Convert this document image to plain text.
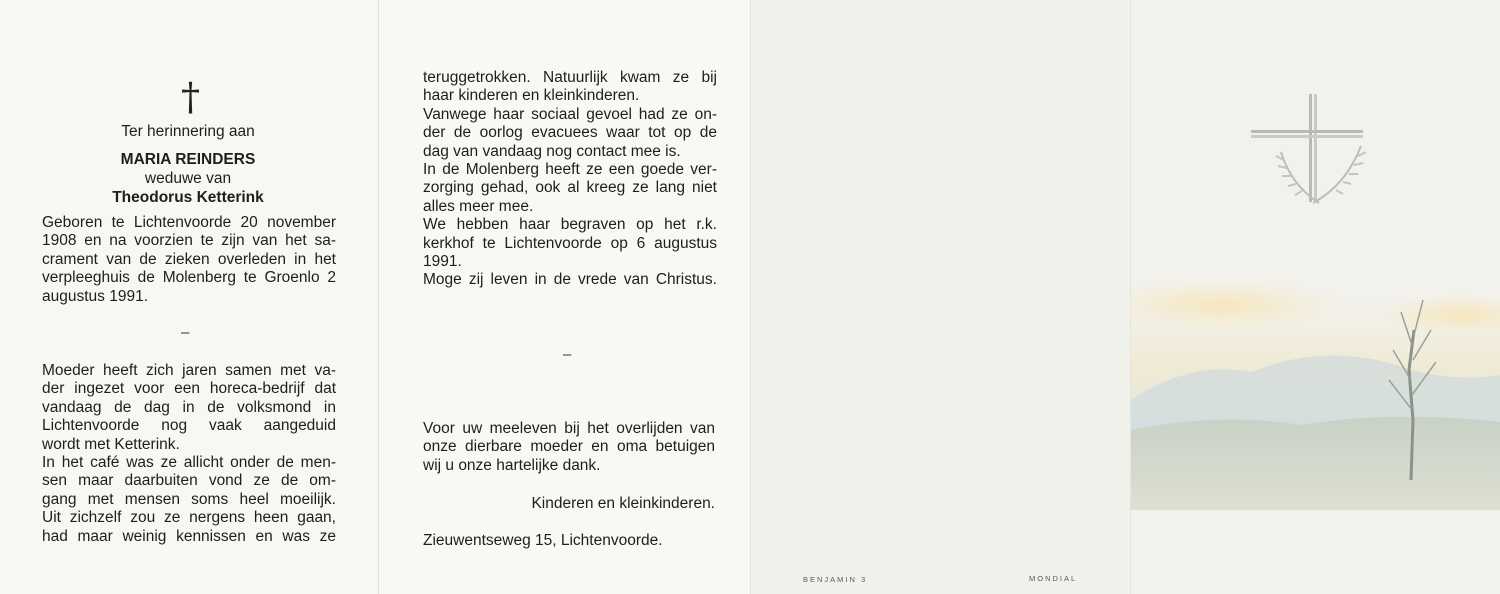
†
Ter herinnering aan
MARIA REINDERS
weduwe van
Theodorus Ketterink
Geboren te Lichtenvoorde 20 november
1908 en na voorzien te zijn van het sa-
crament van de zieken overleden in het
verpleeghuis de Molenberg te Groenlo 2
augustus 1991.
–
Moeder heeft zich jaren samen met va-
der ingezet voor een horeca-bedrijf dat
vandaag de dag in de volksmond in
Lichtenvoorde nog vaak aangeduid
wordt met Ketterink.
In het café was ze allicht onder de men-
sen maar daarbuiten vond ze de om-
gang met mensen soms heel moeilijk.
Uit zichzelf zou ze nergens heen gaan,
had maar weinig kennissen en was ze
teruggetrokken. Natuurlijk kwam ze bij
haar kinderen en kleinkinderen.
Vanwege haar sociaal gevoel had ze on-
der de oorlog evacuees waar tot op de
dag van vandaag nog contact mee is.
In de Molenberg heeft ze een goede ver-
zorging gehad, ook al kreeg ze lang niet
alles meer mee.
We hebben haar begraven op het r.k.
kerkhof te Lichtenvoorde op 6 augustus
1991.
Moge zij leven in de vrede van Christus.
–
Voor uw meeleven bij het overlijden van
onze dierbare moeder en oma betuigen
wij u onze hartelijke dank.
Kinderen en kleinkinderen.
Zieuwentseweg 15, Lichtenvoorde.
BENJAMIN 3	MONDIAL
